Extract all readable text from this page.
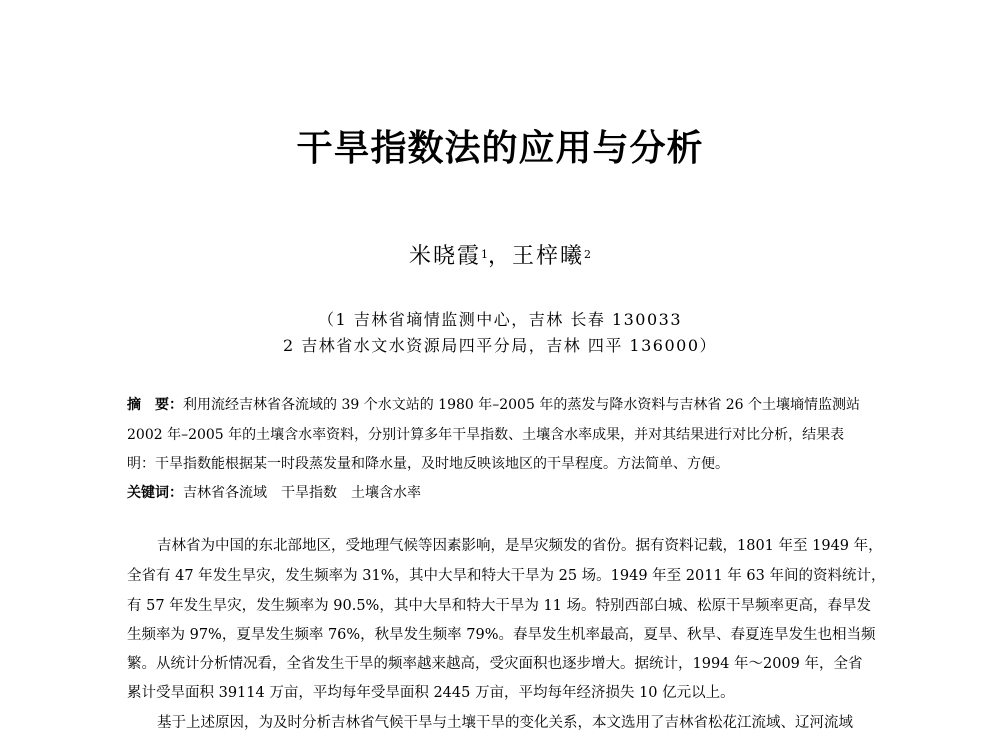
干旱指数法的应用与分析
米晓霞$^1$，王梓曦$^2$
（1 吉林省墒情监测中心，吉林 长春 130033
2 吉林省水文水资源局四平分局，吉林 四平 136000）
摘　要：利用流经吉林省各流域的 39 个水文站的 1980 年–2005 年的蒸发与降水资料与吉林省 26 个土壤墒情监测站
2002 年–2005 年的土壤含水率资料，分别计算多年干旱指数、土壤含水率成果，并对其结果进行对比分析，结果表
明：干旱指数能根据某一时段蒸发量和降水量，及时地反映该地区的干旱程度。方法简单、方便。
关键词：吉林省各流域　干旱指数　土壤含水率
吉林省为中国的东北部地区，受地理气候等因素影响，是旱灾频发的省份。据有资料记载，1801 年至 1949 年，
全省有 47 年发生旱灾，发生频率为 31%，其中大旱和特大干旱为 25 场。1949 年至 2011 年 63 年间的资料统计，
有 57 年发生旱灾，发生频率为 90.5%，其中大旱和特大干旱为 11 场。特别西部白城、松原干旱频率更高，春旱发
生频率为 97%，夏旱发生频率 76%，秋旱发生频率 79%。春旱发生机率最高，夏旱、秋旱、春夏连旱发生也相当频
繁。从统计分析情况看，全省发生干旱的频率越来越高，受灾面积也逐步增大。据统计，1994 年～2009 年，全省
累计受旱面积 39114 万亩，平均每年受旱面积 2445 万亩，平均每年经济损失 10 亿元以上。
基于上述原因，为及时分析吉林省气候干旱与土壤干旱的变化关系，本文选用了吉林省松花江流域、辽河流域
